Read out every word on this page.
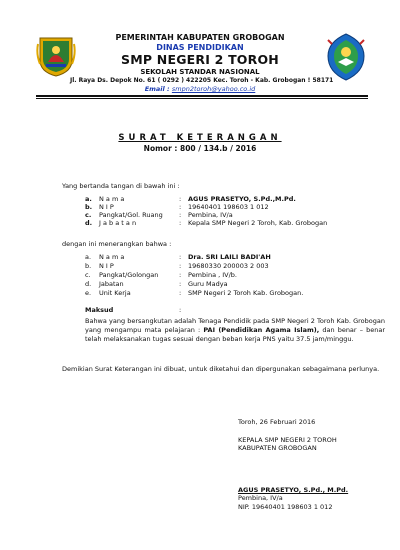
PEMERINTAH KABUPATEN GROBOGAN
DINAS PENDIDIKAN
SMP NEGERI 2 TOROH
SEKOLAH STANDAR NASIONAL
Jl. Raya Ds. Depok No. 61 ( 0292 ) 422205 Kec. Toroh - Kab. Grobogan ! 58171
Email : smpn2toroh@yahoo.co.id
SURAT KETERANGAN
Nomor : 800 / 134.b / 2016
Yang bertanda tangan di bawah ini :
a. N a m a	: AGUS PRASETYO, S.Pd.,M.Pd.
b. N I P	: 19640401 198603 1 012
c. Pangkat/Gol. Ruang : Pembina, IV/a
d. J a b a t a n	: Kepala SMP Negeri 2 Toroh, Kab. Grobogan
dengan ini menerangkan bahwa :
a. N a m a	: Dra. SRI LAILI BADI'AH
b. N I P	: 19680330 200003 2 003
c. Pangkat/Golongan	: Pembina , IV/b.
d. Jabatan	: Guru Madya
e. Unit Kerja	: SMP Negeri 2 Toroh Kab. Grobogan.
Maksud	:
Bahwa yang bersangkutan adalah Tenaga Pendidik pada SMP Negeri 2 Toroh Kab. Grobogan yang mengampu mata pelajaran : PAI (Pendidikan Agama Islam), dan benar – benar telah melaksanakan tugas sesuai dengan beban kerja PNS yaitu 37.5 jam/minggu.
Demikian Surat Keterangan ini dibuat, untuk diketahui dan dipergunakan sebagaimana perlunya.
Toroh, 26 Februari 2016
KEPALA SMP NEGERI 2 TOROH
KABUPATEN GROBOGAN
AGUS PRASETYO, S.Pd., M.Pd.
Pembina, IV/a
NIP. 19640401 198603 1 012
